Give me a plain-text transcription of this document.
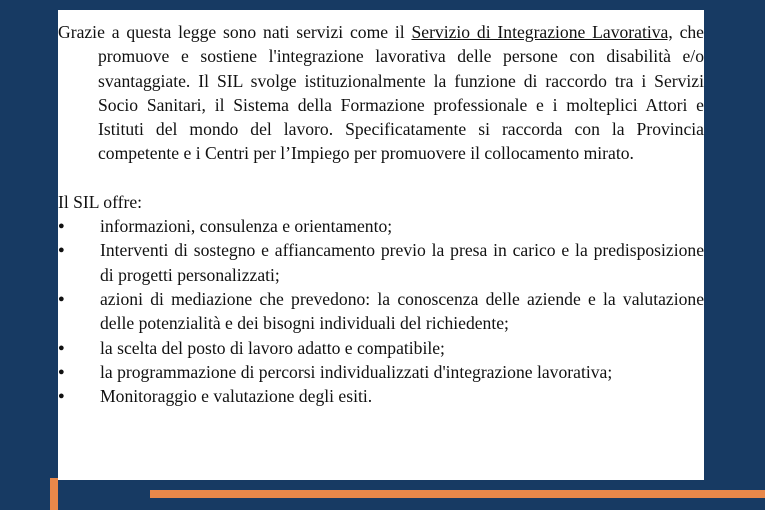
Grazie a questa legge sono nati servizi come il Servizio di Integrazione Lavorativa, che promuove e sostiene l'integrazione lavorativa delle persone con disabilità e/o svantaggiate. Il SIL svolge istituzionalmente la funzione di raccordo tra i Servizi Socio Sanitari, il Sistema della Formazione professionale e i molteplici Attori e Istituti del mondo del lavoro. Specificatamente si raccorda con la Provincia competente e i Centri per l’Impiego per promuovere il collocamento mirato.

Il SIL offre:

● informazioni, consulenza e orientamento;
● Interventi di sostegno e affiancamento previo la presa in carico e la predisposizione di progetti personalizzati;
● azioni di mediazione che prevedono: la conoscenza delle aziende e la valutazione delle potenzialità e dei bisogni individuali del richiedente;
● la scelta del posto di lavoro adatto e compatibile;
● la programmazione di percorsi individualizzati d'integrazione lavorativa;
● Monitoraggio e valutazione degli esiti.
